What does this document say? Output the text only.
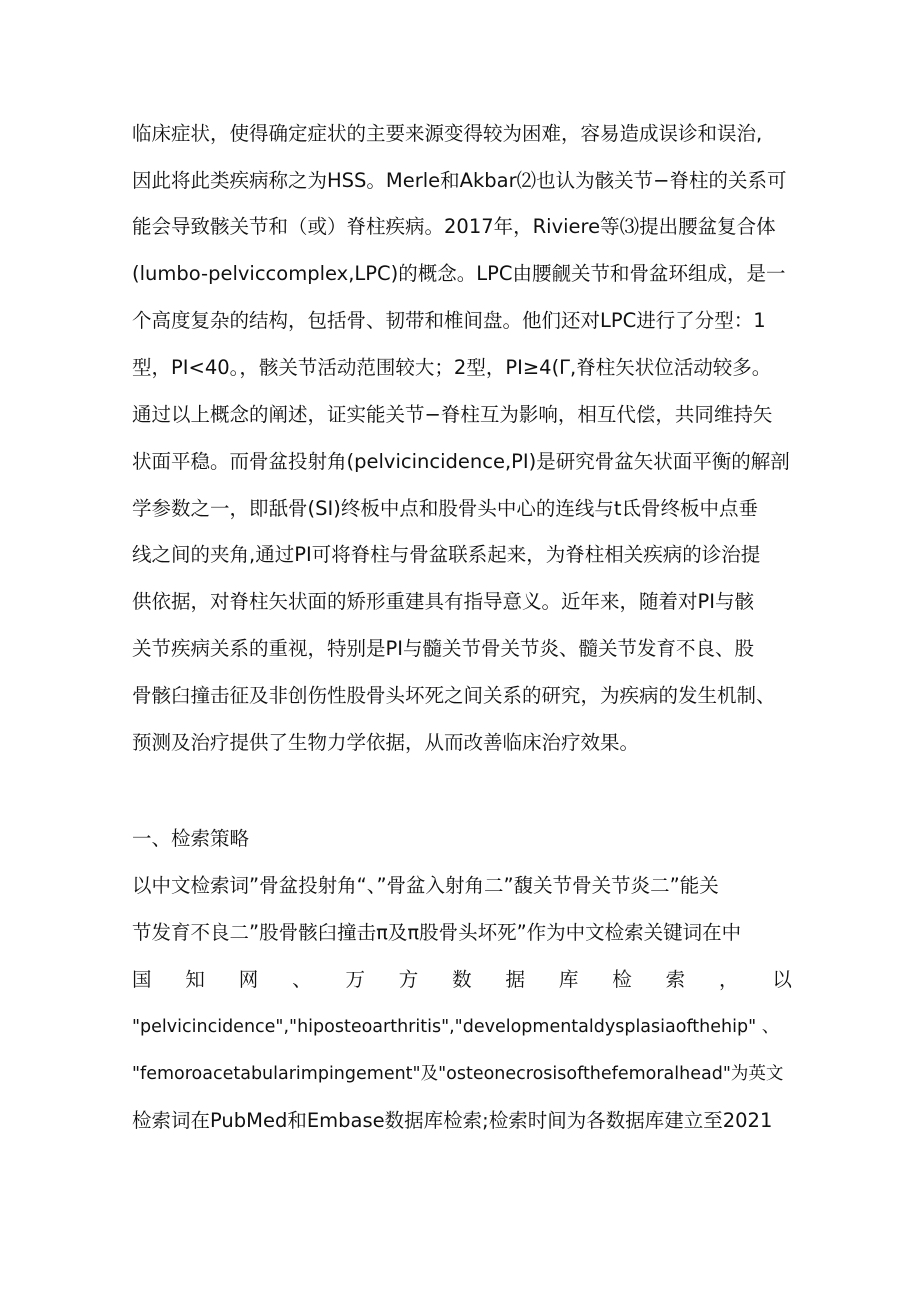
临床症状，使得确定症状的主要来源变得较为困难，容易造成误诊和误治,
因此将此类疾病称之为HSS。Merle和Akbar⑵也认为骸关节−脊柱的关系可
能会导致骸关节和（或）脊柱疾病。2017年，Riviere等⑶提出腰盆复合体
(lumbo-pelviccomplex,LPC)的概念。LPC由腰觎关节和骨盆环组成，是一
个高度复杂的结构，包括骨、韧带和椎间盘。他们还对LPC进行了分型：1
型，PI<40。，骸关节活动范围较大；2型，PI≥4(Γ,脊柱矢状位活动较多。
通过以上概念的阐述，证实能关节−脊柱互为影响，相互代偿，共同维持矢
状面平稳。而骨盆投射角(pelvicincidence,PI)是研究骨盆矢状面平衡的解剖
学参数之一，即舐骨(SI)终板中点和股骨头中心的连线与t氐骨终板中点垂
线之间的夹角,通过PI可将脊柱与骨盆联系起来，为脊柱相关疾病的诊治提
供依据，对脊柱矢状面的矫形重建具有指导意义。近年来，随着对PI与骸
关节疾病关系的重视，特别是PI与髓关节骨关节炎、髓关节发育不良、股
骨骸臼撞击征及非创伤性股骨头坏死之间关系的研究，为疾病的发生机制、
预测及治疗提供了生物力学依据，从而改善临床治疗效果。
一、检索策略
以中文检索词”骨盆投射角“、”骨盆入射角二”馥关节骨关节炎二”能关
节发育不良二”股骨骸臼撞击π及π股骨头坏死”作为中文检索关键词在中
国 知 网 、 万 方 数 据 库 检 索 ， 以
"pelvicincidence","hiposteoarthritis","developmentaldysplasiaofthehip" 、
"femoroacetabularimpingement"及"osteonecrosisofthefemoralhead"为英文
检索词在PubMed和Embase数据库检索;检索时间为各数据库建立至2021
